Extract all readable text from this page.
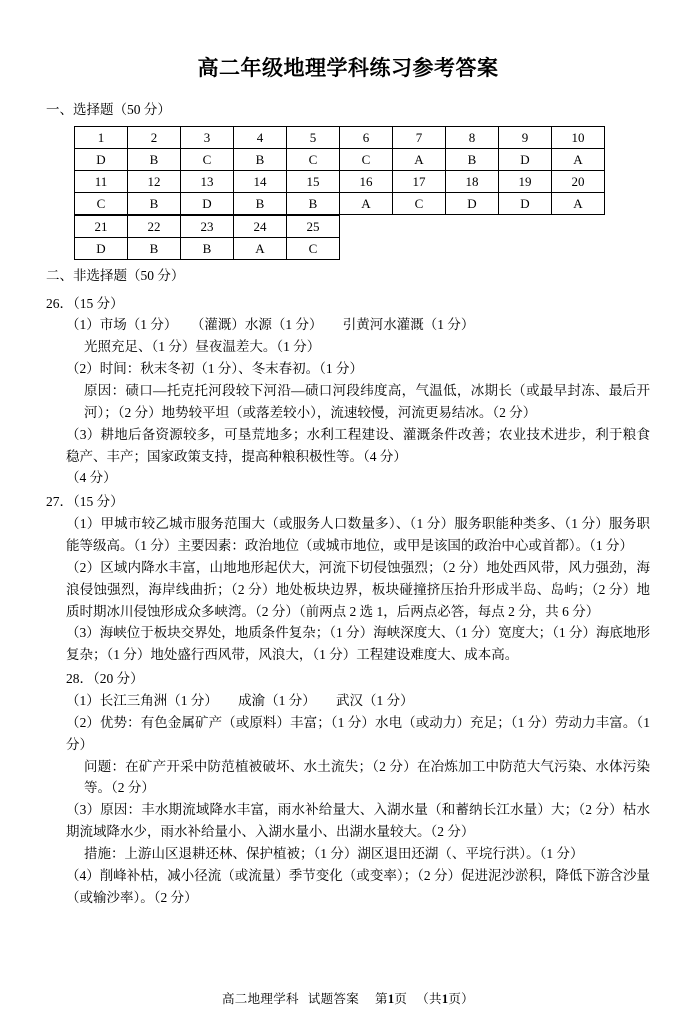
高二年级地理学科练习参考答案
一、选择题（50 分）
1	2	3	4	5	6	7	8	9	10
D	B	C	B	C	C	A	B	D	A
11	12	13	14	15	16	17	18	19	20
C	B	D	B	B	A	C	D	D	A
21	22	23	24	25
D	B	B	A	C
二、非选择题（50 分）
26．（15 分）
（1）市场（1 分）　　（灌溉）水源（1 分）　　引黄河水灌溉（1 分）
光照充足、（1 分）昼夜温差大。（1 分）
（2）时间：秋末冬初（1 分）、冬末春初。（1 分）
原因：碛口—托克托河段较下河沿—碛口河段纬度高，气温低，冰期长（或最早封冻、最后开河）；（2 分）地势较平坦（或落差较小），流速较慢，河流更易结冰。（2 分）
（3）耕地后备资源较多，可垦荒地多；水利工程建设、灌溉条件改善；农业技术进步，利于粮食稳产、丰产；国家政策支持，提高种粮积极性等。（4 分）
（4 分）
27．（15 分）
（1）甲城市较乙城市服务范围大（或服务人口数量多）、（1 分）服务职能种类多、（1 分）服务职能等级高。（1 分）主要因素：政治地位（或城市地位，或甲是该国的政治中心或首都）。（1 分）
（2）区域内降水丰富，山地地形起伏大，河流下切侵蚀强烈；（2 分）地处西风带，风力强劲，海浪侵蚀强烈，海岸线曲折；（2 分）地处板块边界，板块碰撞挤压抬升形成半岛、岛屿；（2 分）地质时期冰川侵蚀形成众多峡湾。（2 分）（前两点 2 选 1，后两点必答，每点 2 分，共 6 分）
（3）海峡位于板块交界处，地质条件复杂；（1 分）海峡深度大、（1 分）宽度大；（1 分）海底地形复杂；（1 分）地处盛行西风带，风浪大，（1 分）工程建设难度大、成本高。
28．（20 分）
（1）长江三角洲（1 分）　　成渝（1 分）　　武汉（1 分）
（2）优势：有色金属矿产（或原料）丰富；（1 分）水电（或动力）充足；（1 分）劳动力丰富。（1 分）
问题：在矿产开采中防范植被破坏、水土流失；（2 分）在冶炼加工中防范大气污染、水体污染等。（2 分）
（3）原因：丰水期流域降水丰富，雨水补给量大、入湖水量（和蓄纳长江水量）大；（2 分）枯水期流域降水少，雨水补给量小、入湖水量小、出湖水量较大。（2 分）
措施：上游山区退耕还林、保护植被；（1 分）湖区退田还湖（、平垸行洪）。（1 分）
（4）削峰补枯，减小径流（或流量）季节变化（或变率）；（2 分）促进泥沙淤积，降低下游含沙量（或输沙率）。（2 分）
高二地理学科 试题答案 第1页 （共1页）
